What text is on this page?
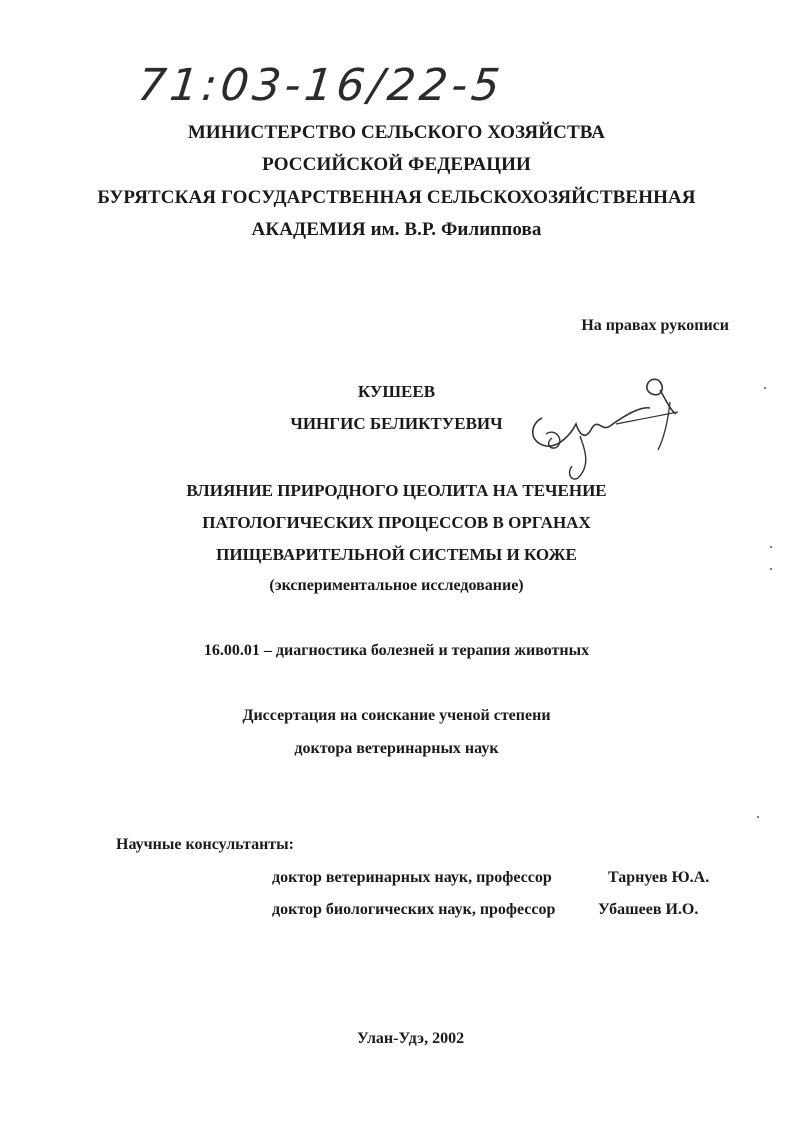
71:03-16/22-5
МИНИСТЕРСТВО СЕЛЬСКОГО ХОЗЯЙСТВА
РОССИЙСКОЙ ФЕДЕРАЦИИ
БУРЯТСКАЯ ГОСУДАРСТВЕННАЯ СЕЛЬСКОХОЗЯЙСТВЕННАЯ
АКАДЕМИЯ им. В.Р. Филиппова
На правах рукописи
КУШЕЕВ
ЧИНГИС БЕЛИКТУЕВИЧ
ВЛИЯНИЕ ПРИРОДНОГО ЦЕОЛИТА НА ТЕЧЕНИЕ
ПАТОЛОГИЧЕСКИХ ПРОЦЕССОВ В ОРГАНАХ
ПИЩЕВАРИТЕЛЬНОЙ СИСТЕМЫ И КОЖЕ
(экспериментальное исследование)
16.00.01 – диагностика болезней и терапия животных
Диссертация на соискание ученой степени
доктора ветеринарных наук
Научные консультанты:
доктор ветеринарных наук, профессор	Тарнуев Ю.А.
доктор биологических наук, профессор	Убашеев И.О.
Улан-Удэ, 2002
